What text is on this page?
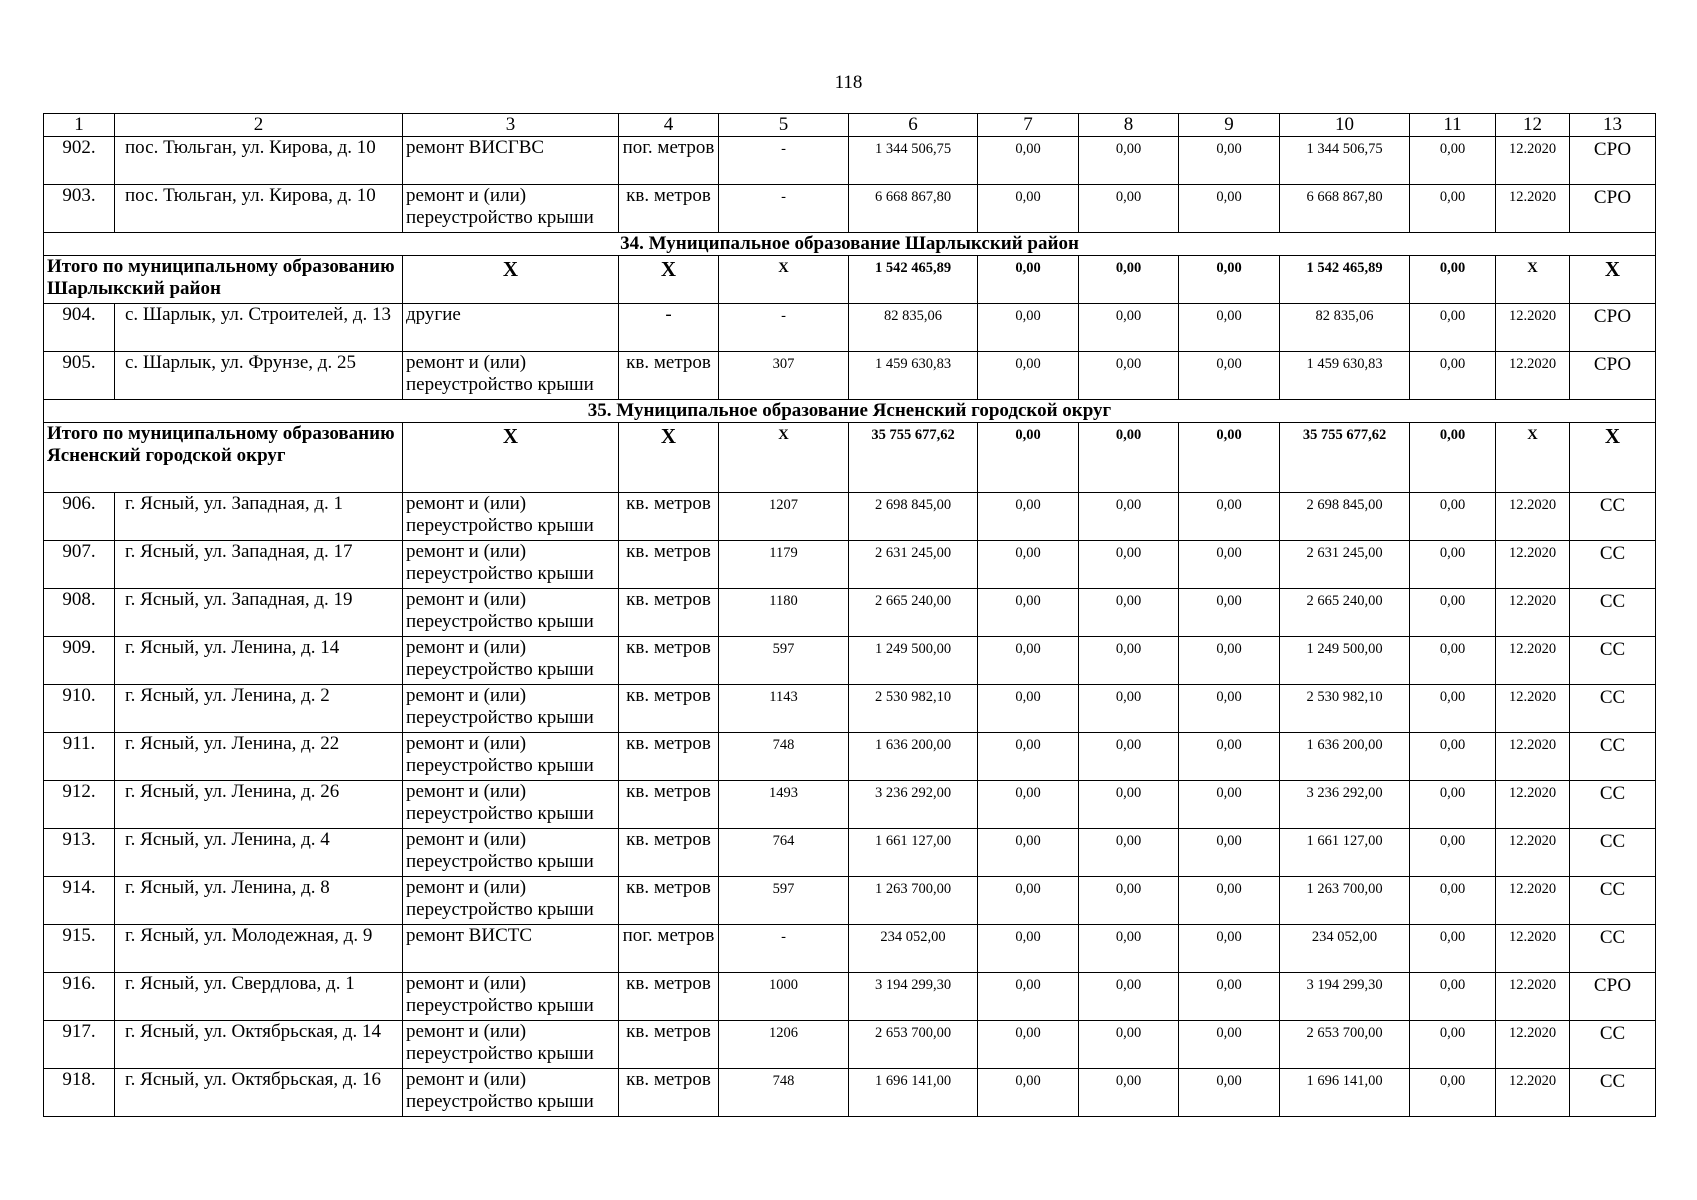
118
1	2	3	4	5	6	7	8	9	10	11	12	13
902.	пос. Тюльган, ул. Кирова, д. 10	ремонт ВИСГВС	пог. метров	-	1 344 506,75	0,00	0,00	0,00	1 344 506,75	0,00	12.2020	СРО
903.	пос. Тюльган, ул. Кирова, д. 10	ремонт и (или) переустройство крыши	кв. метров	-	6 668 867,80	0,00	0,00	0,00	6 668 867,80	0,00	12.2020	СРО
34. Муниципальное образование Шарлыкский район												
Итого по муниципальному образованию Шарлыкский район		Х	Х	Х	1 542 465,89	0,00	0,00	0,00	1 542 465,89	0,00	Х	Х
904.	с. Шарлык, ул. Строителей, д. 13	другие	-	-	82 835,06	0,00	0,00	0,00	82 835,06	0,00	12.2020	СРО
905.	с. Шарлык, ул. Фрунзе, д. 25	ремонт и (или) переустройство крыши	кв. метров	307	1 459 630,83	0,00	0,00	0,00	1 459 630,83	0,00	12.2020	СРО
35. Муниципальное образование Ясненский городской округ												
Итого по муниципальному образованию Ясненский городской округ		Х	Х	Х	35 755 677,62	0,00	0,00	0,00	35 755 677,62	0,00	Х	Х
906.	г. Ясный, ул. Западная, д. 1	ремонт и (или) переустройство крыши	кв. метров	1207	2 698 845,00	0,00	0,00	0,00	2 698 845,00	0,00	12.2020	СС
907.	г. Ясный, ул. Западная, д. 17	ремонт и (или) переустройство крыши	кв. метров	1179	2 631 245,00	0,00	0,00	0,00	2 631 245,00	0,00	12.2020	СС
908.	г. Ясный, ул. Западная, д. 19	ремонт и (или) переустройство крыши	кв. метров	1180	2 665 240,00	0,00	0,00	0,00	2 665 240,00	0,00	12.2020	СС
909.	г. Ясный, ул. Ленина, д. 14	ремонт и (или) переустройство крыши	кв. метров	597	1 249 500,00	0,00	0,00	0,00	1 249 500,00	0,00	12.2020	СС
910.	г. Ясный, ул. Ленина, д. 2	ремонт и (или) переустройство крыши	кв. метров	1143	2 530 982,10	0,00	0,00	0,00	2 530 982,10	0,00	12.2020	СС
911.	г. Ясный, ул. Ленина, д. 22	ремонт и (или) переустройство крыши	кв. метров	748	1 636 200,00	0,00	0,00	0,00	1 636 200,00	0,00	12.2020	СС
912.	г. Ясный, ул. Ленина, д. 26	ремонт и (или) переустройство крыши	кв. метров	1493	3 236 292,00	0,00	0,00	0,00	3 236 292,00	0,00	12.2020	СС
913.	г. Ясный, ул. Ленина, д. 4	ремонт и (или) переустройство крыши	кв. метров	764	1 661 127,00	0,00	0,00	0,00	1 661 127,00	0,00	12.2020	СС
914.	г. Ясный, ул. Ленина, д. 8	ремонт и (или) переустройство крыши	кв. метров	597	1 263 700,00	0,00	0,00	0,00	1 263 700,00	0,00	12.2020	СС
915.	г. Ясный, ул. Молодежная, д. 9	ремонт ВИСТС	пог. метров	-	234 052,00	0,00	0,00	0,00	234 052,00	0,00	12.2020	СС
916.	г. Ясный, ул. Свердлова, д. 1	ремонт и (или) переустройство крыши	кв. метров	1000	3 194 299,30	0,00	0,00	0,00	3 194 299,30	0,00	12.2020	СРО
917.	г. Ясный, ул. Октябрьская, д. 14	ремонт и (или) переустройство крыши	кв. метров	1206	2 653 700,00	0,00	0,00	0,00	2 653 700,00	0,00	12.2020	СС
918.	г. Ясный, ул. Октябрьская, д. 16	ремонт и (или) переустройство крыши	кв. метров	748	1 696 141,00	0,00	0,00	0,00	1 696 141,00	0,00	12.2020	СС
